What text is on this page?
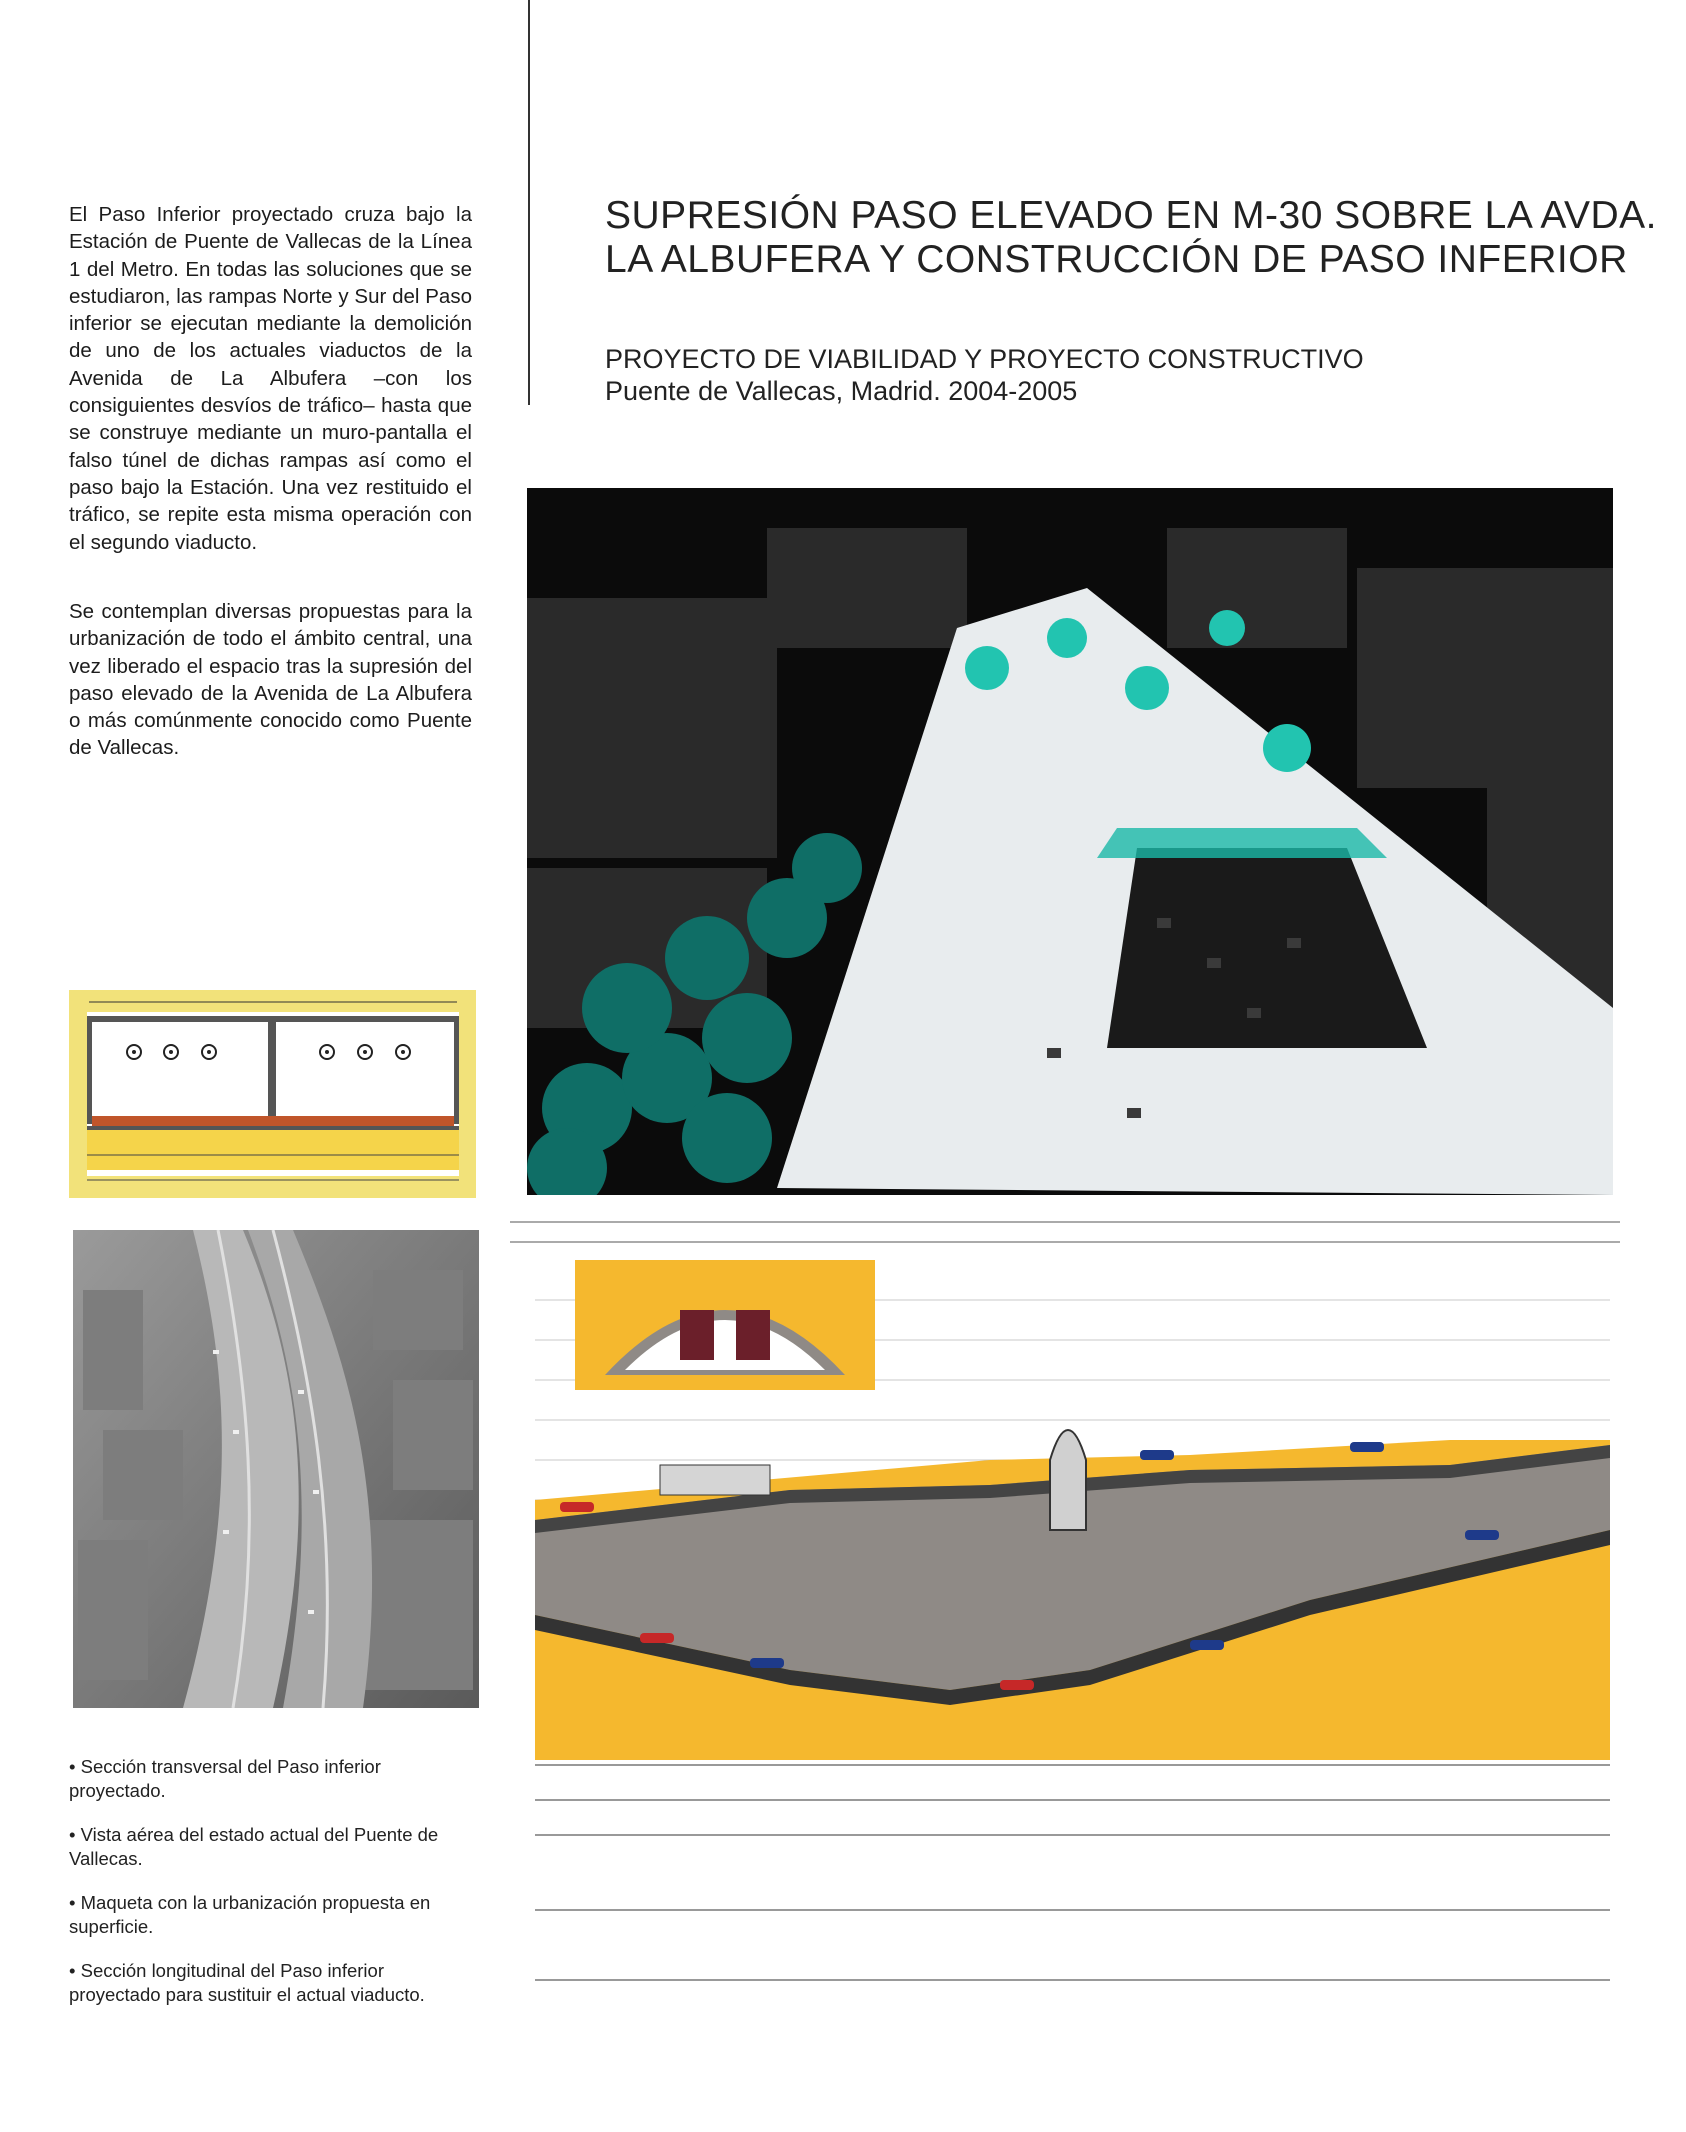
SUPRESIÓN PASO ELEVADO EN M-30 SOBRE LA AVDA.
LA ALBUFERA Y CONSTRUCCIÓN DE PASO INFERIOR
PROYECTO DE VIABILIDAD Y PROYECTO CONSTRUCTIVO
Puente de Vallecas, Madrid. 2004-2005

El Paso Inferior proyectado cruza bajo la Estación de Puente de Vallecas de la Línea 1 del Metro. En todas las soluciones que se estudiaron, las rampas Norte y Sur del Paso inferior se ejecutan mediante la demolición de uno de los actuales viaductos de la Avenida de La Albufera –con los consiguientes desvíos de tráfico– hasta que se construye mediante un muro-pantalla el falso túnel de dichas rampas así como el paso bajo la Estación. Una vez restituido el tráfico, se repite esta misma operación con el segundo viaducto.

Se contemplan diversas propuestas para la urbanización de todo el ámbito central, una vez liberado el espacio tras la supresión del paso elevado de la Avenida de La Albufera o más comúnmente conocido como Puente de Vallecas.

• Sección transversal del Paso inferior proyectado.

• Vista aérea del estado actual del Puente de Vallecas.

• Maqueta con la urbanización propuesta en superficie.

• Sección longitudinal del Paso inferior proyectado para sustituir el actual viaducto.
